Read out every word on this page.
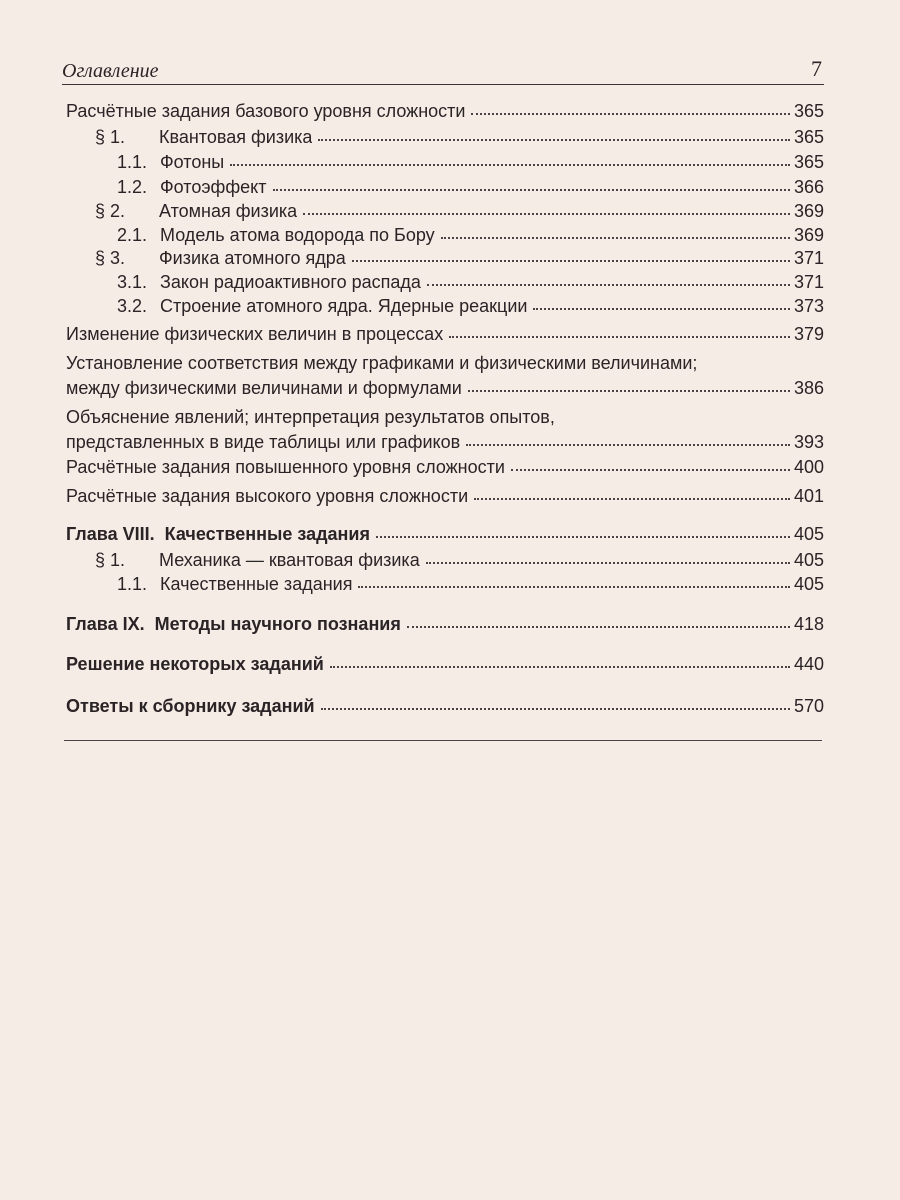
Оглавление	7
Расчётные задания базового уровня сложности	365
§ 1.	Квантовая физика	365
1.1. Фотоны	365
1.2. Фотоэффект	366
§ 2.	Атомная физика	369
2.1. Модель атома водорода по Бору	369
§ 3.	Физика атомного ядра	371
3.1. Закон радиоактивного распада	371
3.2. Строение атомного ядра. Ядерные реакции	373
Изменение физических величин в процессах	379
Установление соответствия между графиками и физическими величинами;
между физическими величинами и формулами	386
Объяснение явлений; интерпретация результатов опытов,
представленных в виде таблицы или графиков	393
Расчётные задания повышенного уровня сложности	400
Расчётные задания высокого уровня сложности	401
Глава VIII. Качественные задания	405
§ 1.	Механика — квантовая физика	405
1.1. Качественные задания	405
Глава IX. Методы научного познания	418
Решение некоторых заданий	440
Ответы к сборнику заданий	570
